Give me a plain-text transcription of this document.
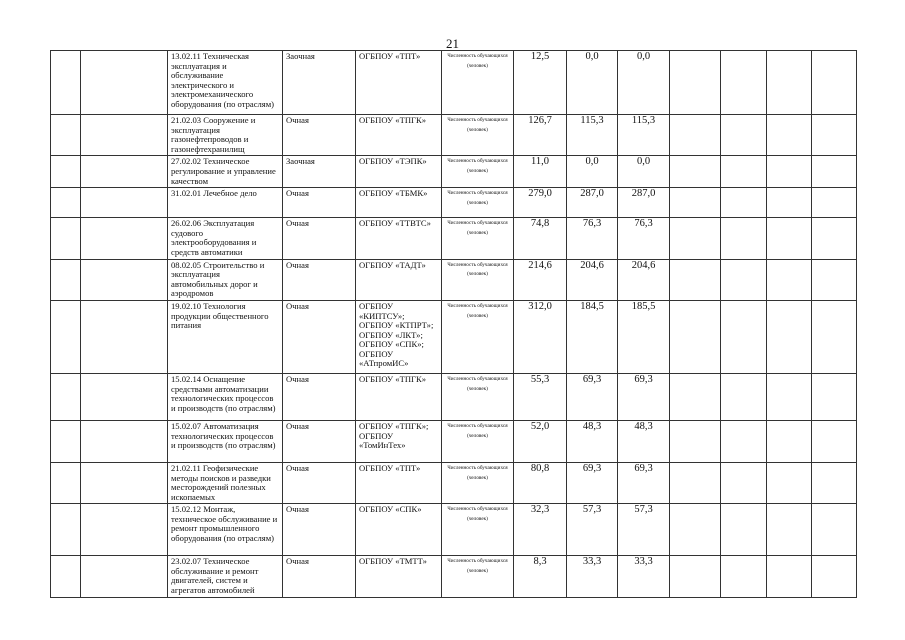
21
		13.02.11 Техническая эксплуатация и обслуживание электрического и электромеханического оборудования (по отраслям)	Заочная	ОГБПОУ «ТПТ»	Численность обучающихся (человек)	12,5	0,0	0,0				
		21.02.03 Сооружение и эксплуатация газонефтепроводов и газонефтехранилищ	Очная	ОГБПОУ «ТПГК»	Численность обучающихся (человек)	126,7	115,3	115,3				
		27.02.02 Техническое регулирование и управление качеством	Заочная	ОГБПОУ «ТЭПК»	Численность обучающихся (человек)	11,0	0,0	0,0				
		31.02.01 Лечебное дело	Очная	ОГБПОУ «ТБМК»	Численность обучающихся (человек)	279,0	287,0	287,0				
		26.02.06 Эксплуатация судового электрооборудования и средств автоматики	Очная	ОГБПОУ «ТТВТС»	Численность обучающихся (человек)	74,8	76,3	76,3				
		08.02.05 Строительство и эксплуатация автомобильных дорог и аэродромов	Очная	ОГБПОУ «ТАДТ»	Численность обучающихся (человек)	214,6	204,6	204,6				
		19.02.10 Технология продукции общественного питания	Очная	ОГБПОУ «КИПТСУ»; ОГБПОУ «КТПРТ»; ОГБПОУ «ЛКТ»; ОГБПОУ «СПК»; ОГБПОУ «АТпромИС»	Численность обучающихся (человек)	312,0	184,5	185,5				
		15.02.14 Оснащение средствами автоматизации технологических процессов и производств (по отраслям)	Очная	ОГБПОУ «ТПГК»	Численность обучающихся (человек)	55,3	69,3	69,3				
		15.02.07 Автоматизация технологических процессов и производств (по отраслям)	Очная	ОГБПОУ «ТПГК»; ОГБПОУ «ТомИнТех»	Численность обучающихся (человек)	52,0	48,3	48,3				
		21.02.11 Геофизические методы поисков и разведки месторождений полезных ископаемых	Очная	ОГБПОУ «ТПТ»	Численность обучающихся (человек)	80,8	69,3	69,3				
		15.02.12 Монтаж, техническое обслуживание и ремонт промышленного оборудования (по отраслям)	Очная	ОГБПОУ «СПК»	Численность обучающихся (человек)	32,3	57,3	57,3				
		23.02.07 Техническое обслуживание и ремонт двигателей, систем и агрегатов автомобилей	Очная	ОГБПОУ «ТМТТ»	Численность обучающихся (человек)	8,3	33,3	33,3				
